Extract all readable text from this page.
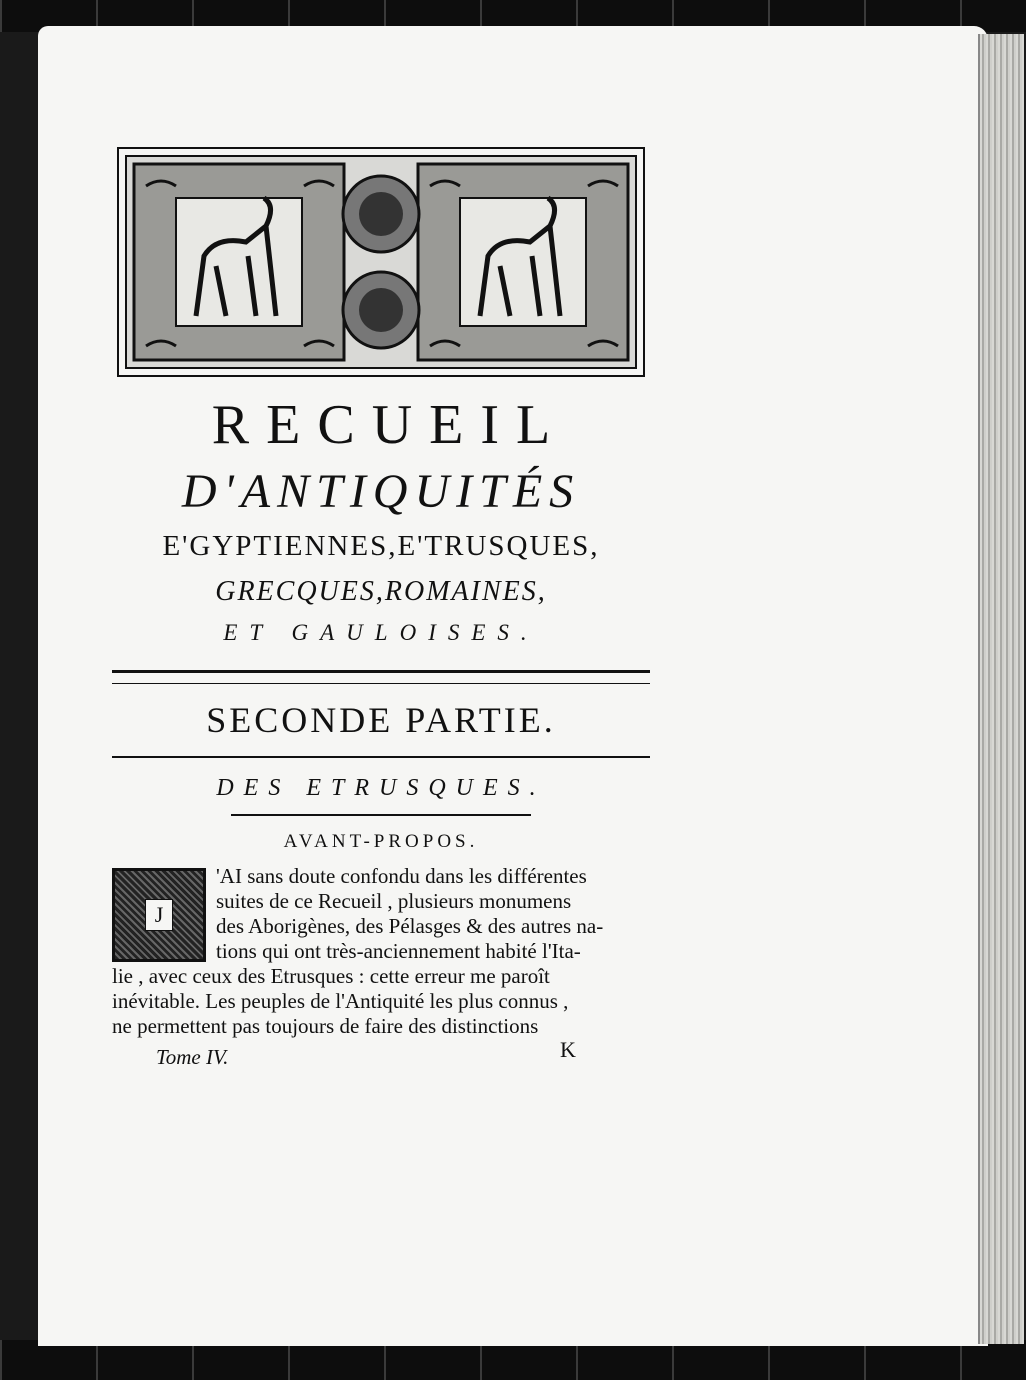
RECUEIL
D'ANTIQUITÉS
E'GYPTIENNES,E'TRUSQUES,
GRECQUES,ROMAINES,
ET GAULOISES.
SECONDE PARTIE.
DES ETRUSQUES.
AVANT-PROPOS.
J

'AI sans doute confondu dans les différentes

suites de ce Recueil , plusieurs monumens

des Aborigènes, des Pélasges & des autres na-

tions qui ont très-anciennement habité l'Ita-

lie , avec ceux des Etrusques : cette erreur me paroît

inévitable. Les peuples de l'Antiquité les plus connus ,

ne permettent pas toujours de faire des distinctions

Tome IV.	K
